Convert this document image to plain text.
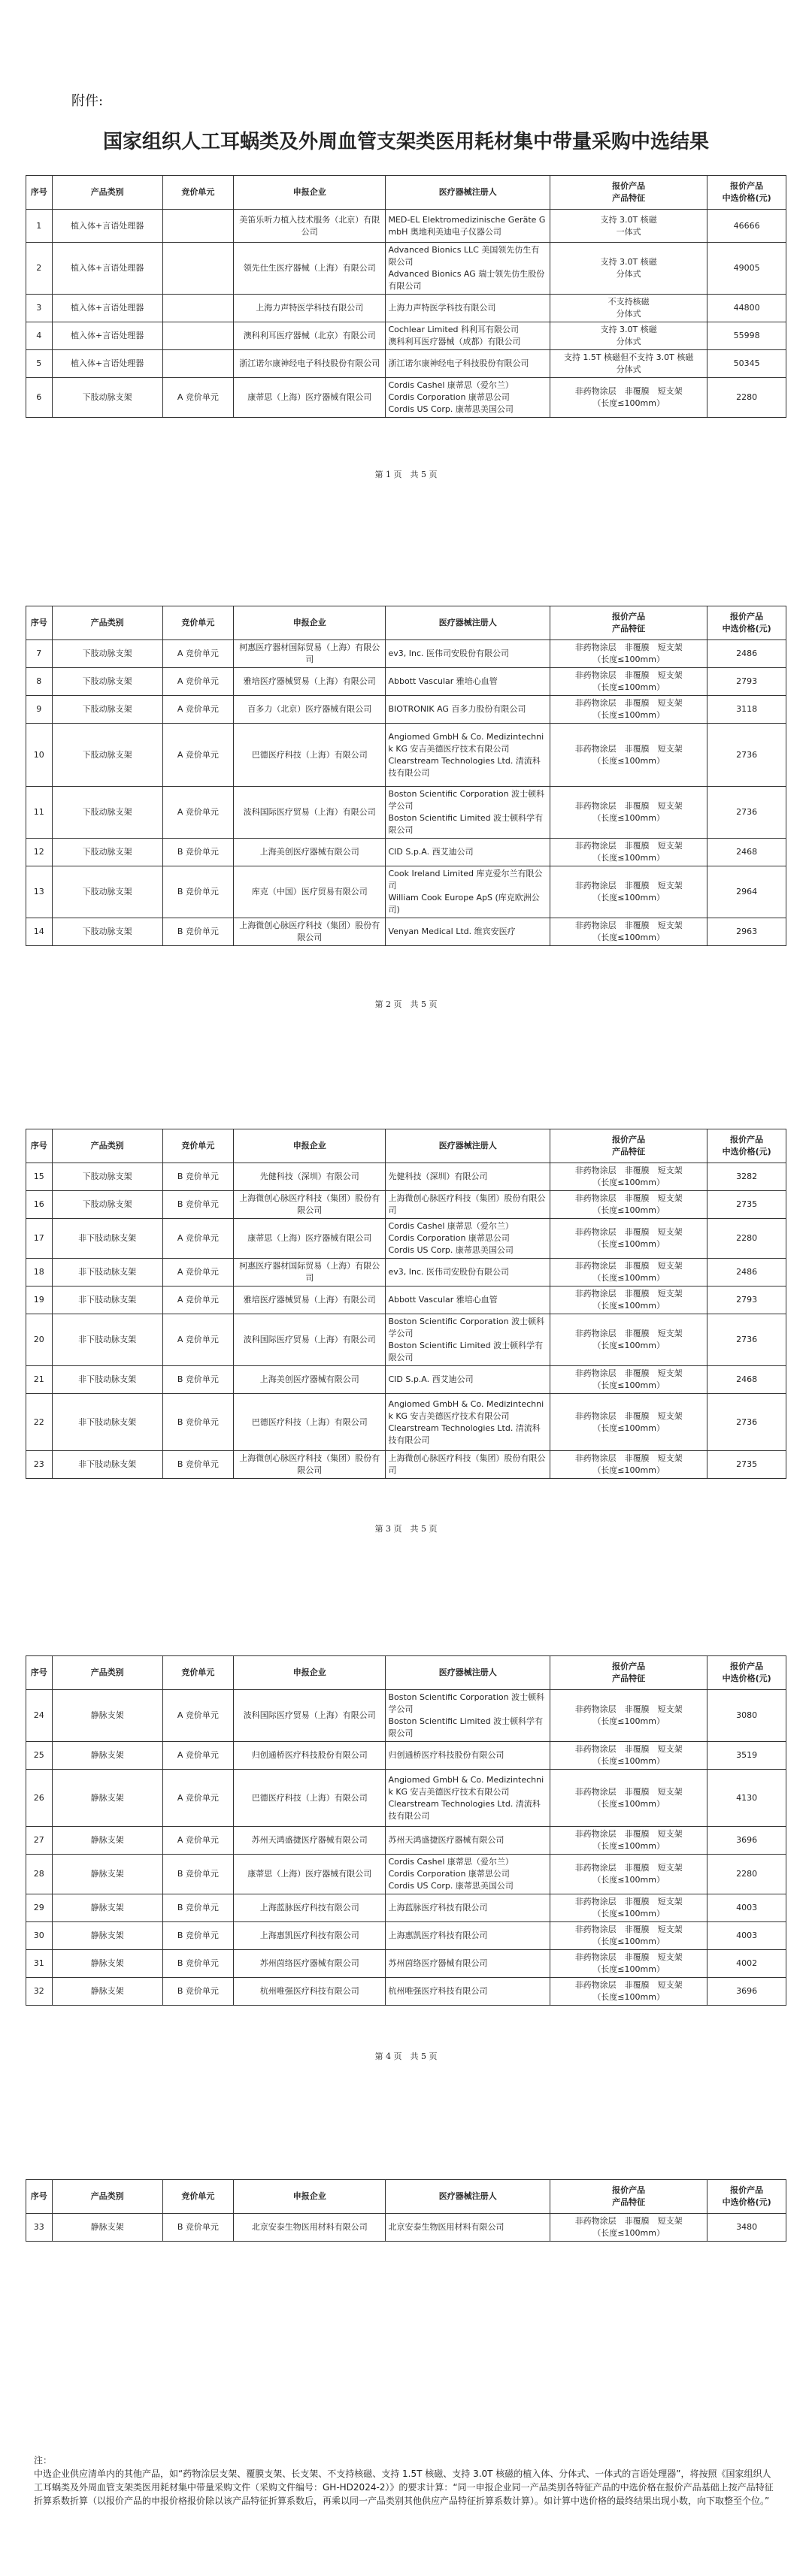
附件:
国家组织人工耳蜗类及外周血管支架类医用耗材集中带量采购中选结果
序号	产品类别	竞价单元	申报企业	医疗器械注册人	报价产品
产品特征	报价产品
中选价格(元)
1	植入体+言语处理器		美笛乐听力植入技术服务（北京）有限公司	MED-EL Elektromedizinische Geräte GmbH 奥地利美迪电子仪器公司	支持 3.0T 核磁
一体式	46666
2	植入体+言语处理器		领先仕生医疗器械（上海）有限公司	Advanced Bionics LLC 美国领先仿生有限公司
Advanced Bionics AG 瑞士领先仿生股份有限公司	支持 3.0T 核磁
分体式	49005
3	植入体+言语处理器		上海力声特医学科技有限公司	上海力声特医学科技有限公司	不支持核磁
分体式	44800
4	植入体+言语处理器		澳科利耳医疗器械（北京）有限公司	Cochlear Limited 科利耳有限公司
澳科利耳医疗器械（成都）有限公司	支持 3.0T 核磁
分体式	55998
5	植入体+言语处理器		浙江诺尔康神经电子科技股份有限公司	浙江诺尔康神经电子科技股份有限公司	支持 1.5T 核磁但不支持 3.0T 核磁
分体式	50345
6	下肢动脉支架	A 竞价单元	康蒂思（上海）医疗器械有限公司	Cordis Cashel 康蒂思（爱尔兰）
Cordis Corporation 康蒂思公司
Cordis US Corp. 康蒂思美国公司	非药物涂层　非覆膜　短支架
（长度≤100mm）	2280
第 1 页　共 5 页
序号	产品类别	竞价单元	申报企业	医疗器械注册人	报价产品
产品特征	报价产品
中选价格(元)
7	下肢动脉支架	A 竞价单元	柯惠医疗器材国际贸易（上海）有限公司	ev3, Inc. 医伟司安股份有限公司	非药物涂层　非覆膜　短支架
（长度≤100mm）	2486
8	下肢动脉支架	A 竞价单元	雅培医疗器械贸易（上海）有限公司	Abbott Vascular 雅培心血管	非药物涂层　非覆膜　短支架
（长度≤100mm）	2793
9	下肢动脉支架	A 竞价单元	百多力（北京）医疗器械有限公司	BIOTRONIK AG 百多力股份有限公司	非药物涂层　非覆膜　短支架
（长度≤100mm）	3118
10	下肢动脉支架	A 竞价单元	巴德医疗科技（上海）有限公司	Angiomed GmbH & Co. Medizintechnik KG 安吉美德医疗技术有限公司
Clearstream Technologies Ltd. 清流科技有限公司	非药物涂层　非覆膜　短支架
（长度≤100mm）	2736
11	下肢动脉支架	A 竞价单元	波科国际医疗贸易（上海）有限公司	Boston Scientific Corporation 波士顿科学公司
Boston Scientific Limited 波士顿科学有限公司	非药物涂层　非覆膜　短支架
（长度≤100mm）	2736
12	下肢动脉支架	B 竞价单元	上海美创医疗器械有限公司	CID S.p.A. 西艾迪公司	非药物涂层　非覆膜　短支架
（长度≤100mm）	2468
13	下肢动脉支架	B 竞价单元	库克（中国）医疗贸易有限公司	Cook Ireland Limited 库克爱尔兰有限公司
William Cook Europe ApS (库克欧洲公司)	非药物涂层　非覆膜　短支架
（长度≤100mm）	2964
14	下肢动脉支架	B 竞价单元	上海微创心脉医疗科技（集团）股份有限公司	Venyan Medical Ltd. 维宾安医疗	非药物涂层　非覆膜　短支架
（长度≤100mm）	2963
第 2 页　共 5 页
序号	产品类别	竞价单元	申报企业	医疗器械注册人	报价产品
产品特征	报价产品
中选价格(元)
15	下肢动脉支架	B 竞价单元	先健科技（深圳）有限公司	先健科技（深圳）有限公司	非药物涂层　非覆膜　短支架
（长度≤100mm）	3282
16	下肢动脉支架	B 竞价单元	上海微创心脉医疗科技（集团）股份有限公司	上海微创心脉医疗科技（集团）股份有限公司	非药物涂层　非覆膜　短支架
（长度≤100mm）	2735
17	非下肢动脉支架	A 竞价单元	康蒂思（上海）医疗器械有限公司	Cordis Cashel 康蒂思（爱尔兰）
Cordis Corporation 康蒂思公司
Cordis US Corp. 康蒂思美国公司	非药物涂层　非覆膜　短支架
（长度≤100mm）	2280
18	非下肢动脉支架	A 竞价单元	柯惠医疗器材国际贸易（上海）有限公司	ev3, Inc. 医伟司安股份有限公司	非药物涂层　非覆膜　短支架
（长度≤100mm）	2486
19	非下肢动脉支架	A 竞价单元	雅培医疗器械贸易（上海）有限公司	Abbott Vascular 雅培心血管	非药物涂层　非覆膜　短支架
（长度≤100mm）	2793
20	非下肢动脉支架	A 竞价单元	波科国际医疗贸易（上海）有限公司	Boston Scientific Corporation 波士顿科学公司
Boston Scientific Limited 波士顿科学有限公司	非药物涂层　非覆膜　短支架
（长度≤100mm）	2736
21	非下肢动脉支架	B 竞价单元	上海美创医疗器械有限公司	CID S.p.A. 西艾迪公司	非药物涂层　非覆膜　短支架
（长度≤100mm）	2468
22	非下肢动脉支架	B 竞价单元	巴德医疗科技（上海）有限公司	Angiomed GmbH & Co. Medizintechnik KG 安吉美德医疗技术有限公司
Clearstream Technologies Ltd. 清流科技有限公司	非药物涂层　非覆膜　短支架
（长度≤100mm）	2736
23	非下肢动脉支架	B 竞价单元	上海微创心脉医疗科技（集团）股份有限公司	上海微创心脉医疗科技（集团）股份有限公司	非药物涂层　非覆膜　短支架
（长度≤100mm）	2735
第 3 页　共 5 页
序号	产品类别	竞价单元	申报企业	医疗器械注册人	报价产品
产品特征	报价产品
中选价格(元)
24	静脉支架	A 竞价单元	波科国际医疗贸易（上海）有限公司	Boston Scientific Corporation 波士顿科学公司
Boston Scientific Limited 波士顿科学有限公司	非药物涂层　非覆膜　短支架
（长度≤100mm）	3080
25	静脉支架	A 竞价单元	归创通桥医疗科技股份有限公司	归创通桥医疗科技股份有限公司	非药物涂层　非覆膜　短支架
（长度≤100mm）	3519
26	静脉支架	A 竞价单元	巴德医疗科技（上海）有限公司	Angiomed GmbH & Co. Medizintechnik KG 安吉美德医疗技术有限公司
Clearstream Technologies Ltd. 清流科技有限公司	非药物涂层　非覆膜　短支架
（长度≤100mm）	4130
27	静脉支架	A 竞价单元	苏州天鸿盛捷医疗器械有限公司	苏州天鸿盛捷医疗器械有限公司	非药物涂层　非覆膜　短支架
（长度≤100mm）	3696
28	静脉支架	B 竞价单元	康蒂思（上海）医疗器械有限公司	Cordis Cashel 康蒂思（爱尔兰）
Cordis Corporation 康蒂思公司
Cordis US Corp. 康蒂思美国公司	非药物涂层　非覆膜　短支架
（长度≤100mm）	2280
29	静脉支架	B 竞价单元	上海蓝脉医疗科技有限公司	上海蓝脉医疗科技有限公司	非药物涂层　非覆膜　短支架
（长度≤100mm）	4003
30	静脉支架	B 竞价单元	上海惠凯医疗科技有限公司	上海惠凯医疗科技有限公司	非药物涂层　非覆膜　短支架
（长度≤100mm）	4003
31	静脉支架	B 竞价单元	苏州茵络医疗器械有限公司	苏州茵络医疗器械有限公司	非药物涂层　非覆膜　短支架
（长度≤100mm）	4002
32	静脉支架	B 竞价单元	杭州唯强医疗科技有限公司	杭州唯强医疗科技有限公司	非药物涂层　非覆膜　短支架
（长度≤100mm）	3696
第 4 页　共 5 页
序号	产品类别	竞价单元	申报企业	医疗器械注册人	报价产品
产品特征	报价产品
中选价格(元)
33	静脉支架	B 竞价单元	北京安泰生物医用材料有限公司	北京安泰生物医用材料有限公司	非药物涂层　非覆膜　短支架
（长度≤100mm）	3480
注：
中选企业供应清单内的其他产品，如“药物涂层支架、覆膜支架、长支架、不支持核磁、支持 1.5T 核磁、支持 3.0T 核磁的植入体、分体式、一体式的言语处理器”，将按照《国家组织人工耳蜗类及外周血管支架类医用耗材集中带量采购文件（采购文件编号：GH-HD2024-2）》的要求计算：“同一申报企业同一产品类别各特征产品的中选价格在报价产品基础上按产品特征折算系数折算（以报价产品的申报价格报价除以该产品特征折算系数后，再乘以同一产品类别其他供应产品特征折算系数计算）。如计算中选价格的最终结果出现小数，向下取整至个位。”
